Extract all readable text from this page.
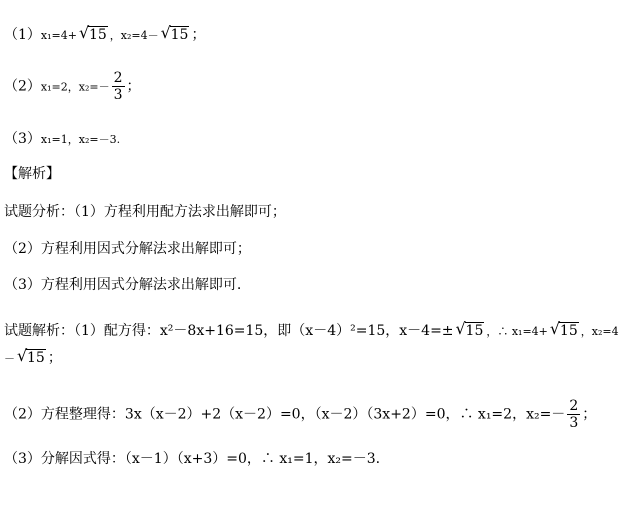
（1）x₁=4+ √ 15 ，x₂=4－ √ 15 ；
（2）x₁=2，$x_2=- \frac{2}{3}$ ；
（3）x₁=1，x₂=－3.
【解析】
试题分析：（1）方程利用配方法求出解即可；
（2）方程利用因式分解法求出解即可；
（3）方程利用因式分解法求出解即可.
试题解析：（1）配方得：x²－8x+16=15，即（x－4）²=15，x－4=± √ 15 ，∴ x₁=4+ √ 15 ，x₂=4－ √ 15 ；
（2）方程整理得：3x（x－2）+2（x－2）=0，（x－2）（3x+2）=0，∴ x₁=2，$x_2=- \frac{2}{3}$ ；
（3）分解因式得：（x－1）（x+3）=0，∴ x₁=1，x₂=－3.
